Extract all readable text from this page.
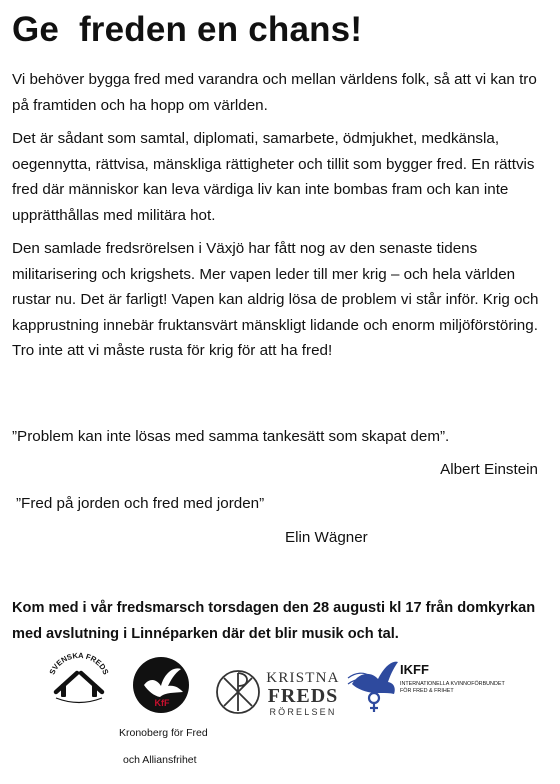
Ge  freden en chans!

Vi behöver bygga fred med varandra och mellan världens folk, så att vi kan tro på framtiden och ha hopp om världen.

Det är sådant som samtal, diplomati, samarbete, ödmjukhet, medkänsla, oegennytta, rättvisa, mänskliga rättigheter och tillit som bygger fred. En rättvis fred där människor kan leva värdiga liv kan inte bombas fram och kan inte upprätthållas med militära hot.

Den samlade fredsrörelsen i Växjö har fått nog av den senaste tidens militarisering och krigshets. Mer vapen leder till mer krig – och hela världen rustar nu. Det är farligt! Vapen kan aldrig lösa de problem vi står inför. Krig och kapprustning innebär fruktansvärt mänskligt lidande och enorm miljöförstöring. Tro inte att vi måste rusta för krig för att ha fred!

”Problem kan inte lösas med samma tankesätt som skapat dem”.

Albert Einstein

”Fred på jorden och fred med jorden”

Elin Wägner

Kom med i vår fredsmarsch torsdagen den 28 augusti kl 17 från domkyrkan med avslutning i Linnéparken där det blir musik och tal.

SVENSKA FREDS
KfF
Kronoberg för Fred
och Alliansfrihet
KRISTNA
FREDS
RÖRELSEN
IKFF
INTERNATIONELLA KVINNOFÖRBUNDET
FÖR FRED & FRIHET
